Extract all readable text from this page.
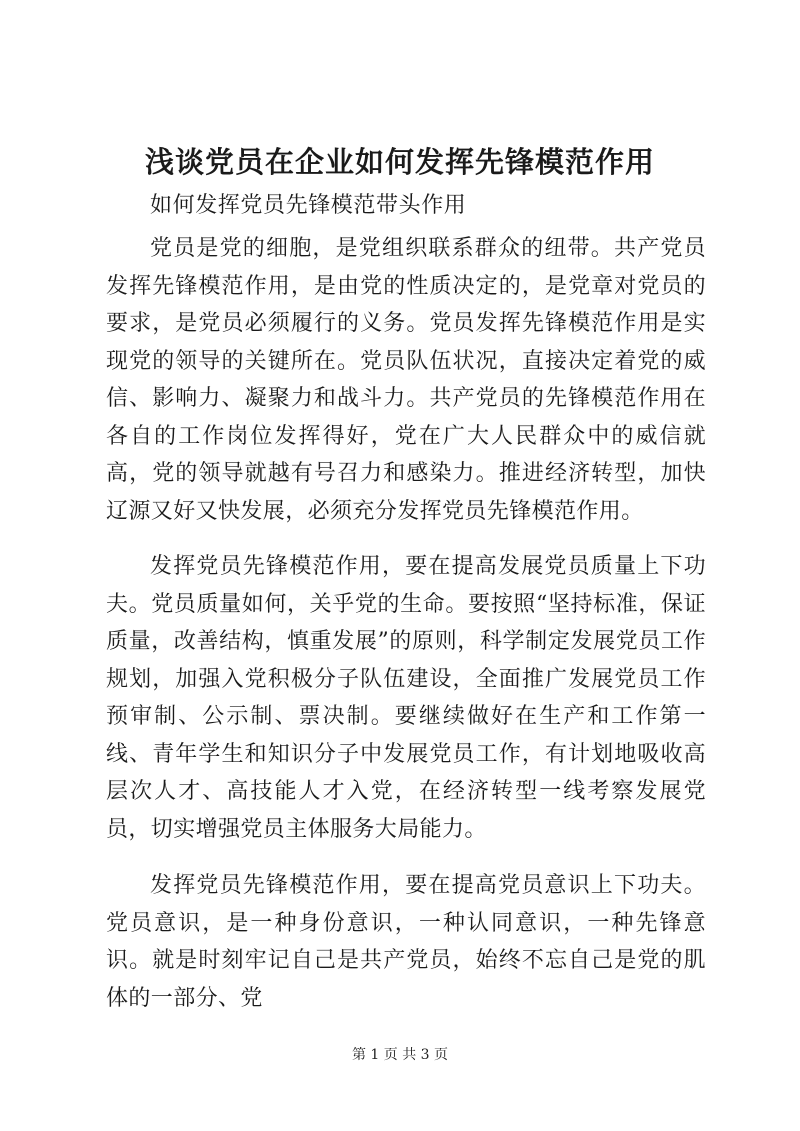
浅谈党员在企业如何发挥先锋模范作用

如何发挥党员先锋模范带头作用

党员是党的细胞，是党组织联系群众的纽带。共产党员发挥先锋模范作用，是由党的性质决定的，是党章对党员的要求，是党员必须履行的义务。党员发挥先锋模范作用是实现党的领导的关键所在。党员队伍状况，直接决定着党的威信、影响力、凝聚力和战斗力。共产党员的先锋模范作用在各自的工作岗位发挥得好，党在广大人民群众中的威信就高，党的领导就越有号召力和感染力。推进经济转型，加快辽源又好又快发展，必须充分发挥党员先锋模范作用。

发挥党员先锋模范作用，要在提高发展党员质量上下功夫。党员质量如何，关乎党的生命。要按照“坚持标准，保证质量，改善结构，慎重发展”的原则，科学制定发展党员工作规划，加强入党积极分子队伍建设，全面推广发展党员工作预审制、公示制、票决制。要继续做好在生产和工作第一线、青年学生和知识分子中发展党员工作，有计划地吸收高层次人才、高技能人才入党，在经济转型一线考察发展党员，切实增强党员主体服务大局能力。

发挥党员先锋模范作用，要在提高党员意识上下功夫。党员意识，是一种身份意识，一种认同意识，一种先锋意识。就是时刻牢记自己是共产党员，始终不忘自己是党的肌体的一部分、党

第 1 页 共 3 页
